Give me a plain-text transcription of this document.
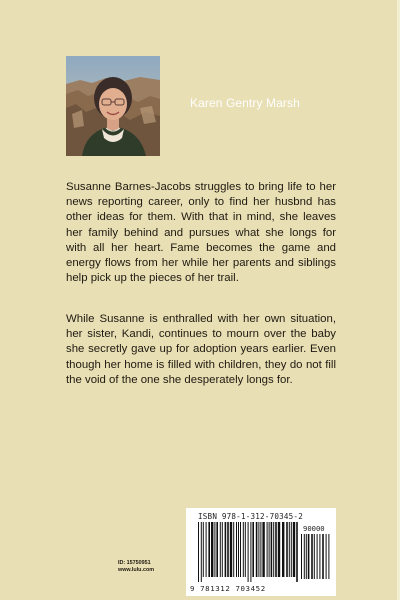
Karen Gentry Marsh

Susanne Barnes-Jacobs struggles to bring life to her news reporting career, only to find her husbnd has other ideas for them. With that in mind, she leaves her family behind and pursues what she longs for with all her heart. Fame becomes the game and energy flows from her while her parents and siblings help pick up the pieces of her trail.

While Susanne is enthralled with her own situation, her sister, Kandi, continues to mourn over the baby she secretly gave up for adoption years earlier. Even though her home is filled with children, they do not fill the void of the one she desperately longs for.

ID: 15750951
www.lulu.com
ISBN 978-1-312-70345-2
90000
9 781312 703452
